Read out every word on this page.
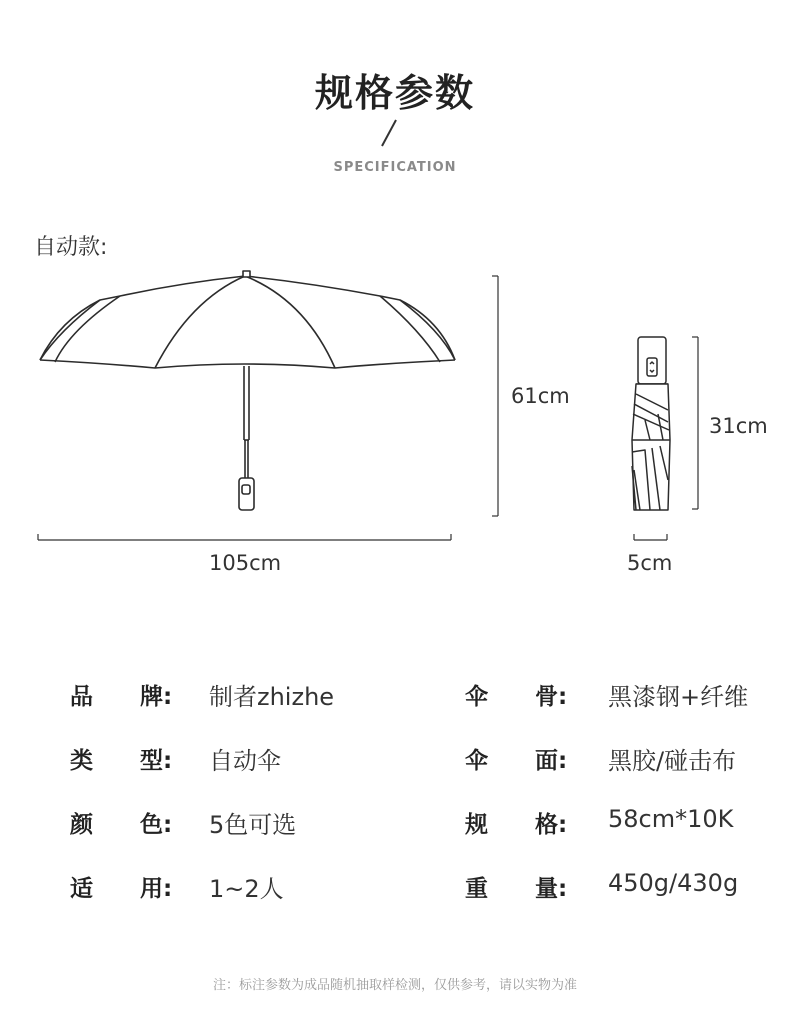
规格参数
SPECIFICATION
自动款:
61cm
105cm
31cm
5cm
品 牌: 制者zhizhe
类 型: 自动伞
颜 色: 5色可选
适 用: 1~2人
伞 骨: 黑漆钢+纤维
伞 面: 黑胶/碰击布
规 格: 58cm*10K
重 量: 450g/430g
注：标注参数为成品随机抽取样检测，仅供参考，请以实物为准
